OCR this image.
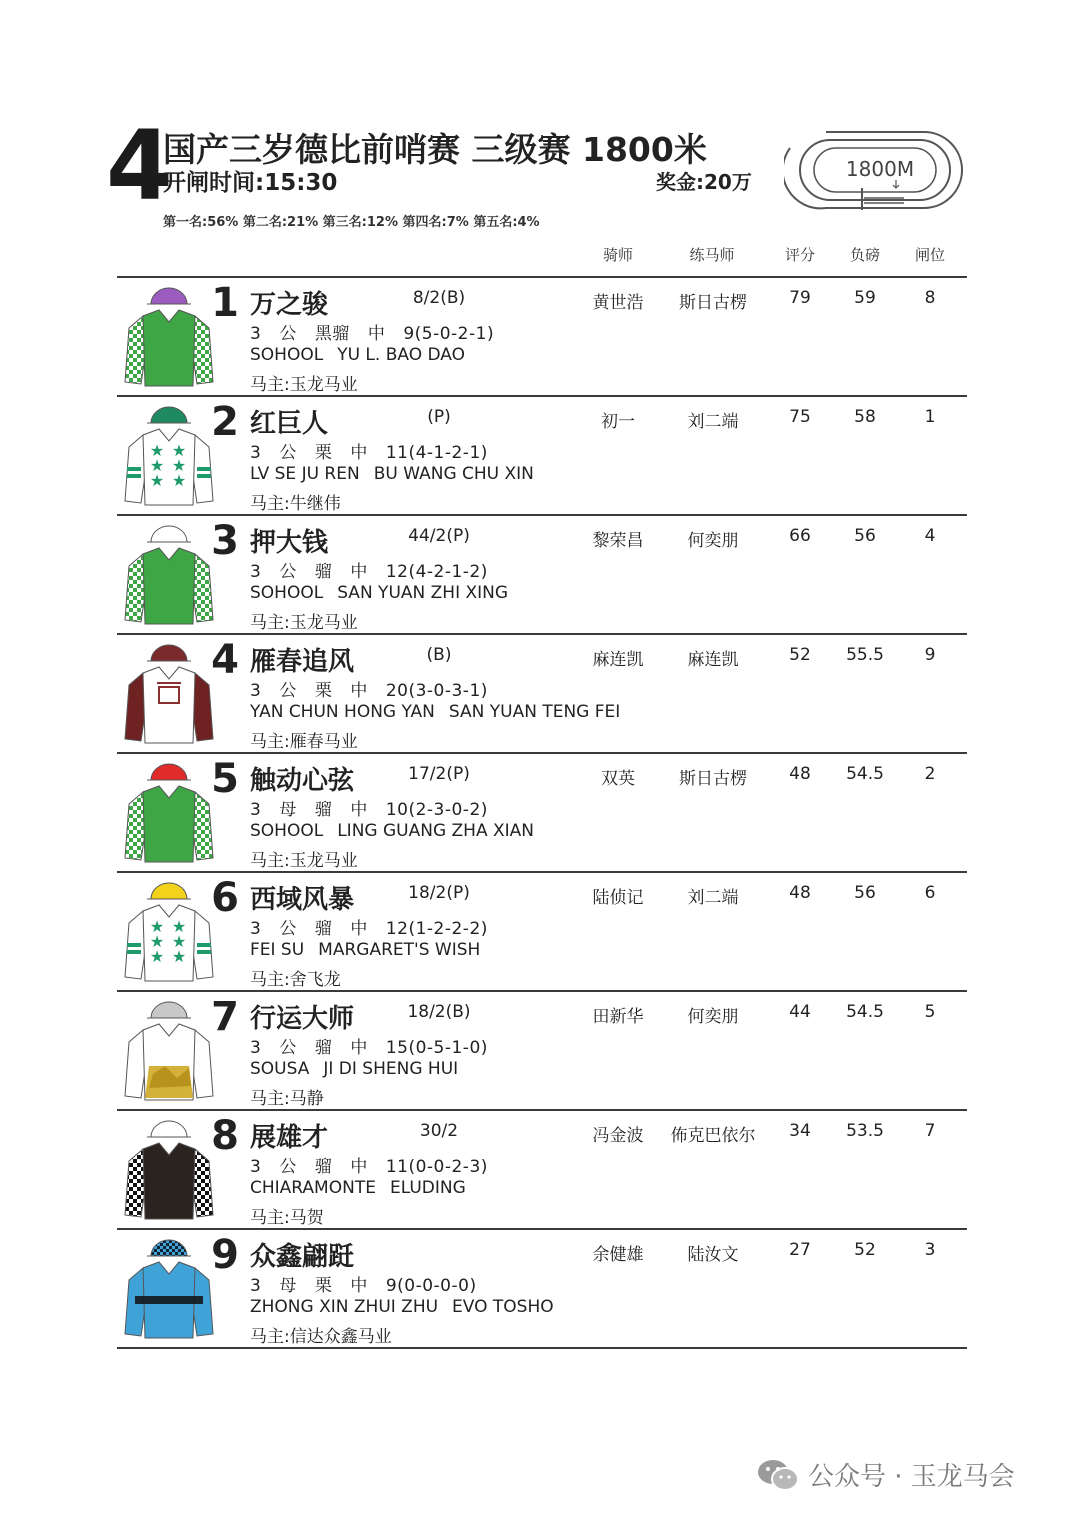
4
国产三岁德比前哨赛 三级赛 1800米
开闸时间:15:30	奖金:20万
第一名:56% 第二名:21% 第三名:12% 第四名:7% 第五名:4%
1800M
骑师	练马师	评分	负磅	闸位
1 万之骏	8/2(B)
3 公 黑骝 中 9(5-0-2-1)
SOHOOL YU L. BAO DAO
马主:玉龙马业
黄世浩	斯日古楞	79	59	8
★ ★
★ ★
★ ★
2 红巨人	(P)
3 公 栗 中 11(4-1-2-1)
LV SE JU REN BU WANG CHU XIN
马主:牛继伟
初一	刘二端	75	58	1
3 押大钱	44/2(P)
3 公 骝 中 12(4-2-1-2)
SOHOOL SAN YUAN ZHI XING
马主:玉龙马业
黎荣昌	何奕朋	66	56	4
4 雁春追风	(B)
3 公 栗 中 20(3-0-3-1)
YAN CHUN HONG YAN SAN YUAN TENG FEI
马主:雁春马业
麻连凯	麻连凯	52	55.5	9
5 触动心弦	17/2(P)
3 母 骝 中 10(2-3-0-2)
SOHOOL LING GUANG ZHA XIAN
马主:玉龙马业
双英	斯日古楞	48	54.5	2
★ ★
★ ★
★ ★
6 西域风暴	18/2(P)
3 公 骝 中 12(1-2-2-2)
FEI SU MARGARET'S WISH
马主:舍飞龙
陆侦记	刘二端	48	56	6
7 行运大师	18/2(B)
3 公 骝 中 15(0-5-1-0)
SOUSA JI DI SHENG HUI
马主:马静
田新华	何奕朋	44	54.5	5
8 展雄才	30/2
3 公 骝 中 11(0-0-2-3)
CHIARAMONTE ELUDING
马主:马贺
冯金波	佈克巴依尔	34	53.5	7
9 众鑫翩跹
3 母 栗 中 9(0-0-0-0)
ZHONG XIN ZHUI ZHU EVO TOSHO
马主:信达众鑫马业
余健雄	陆汝文	27	52	3
公众号 · 玉龙马会
